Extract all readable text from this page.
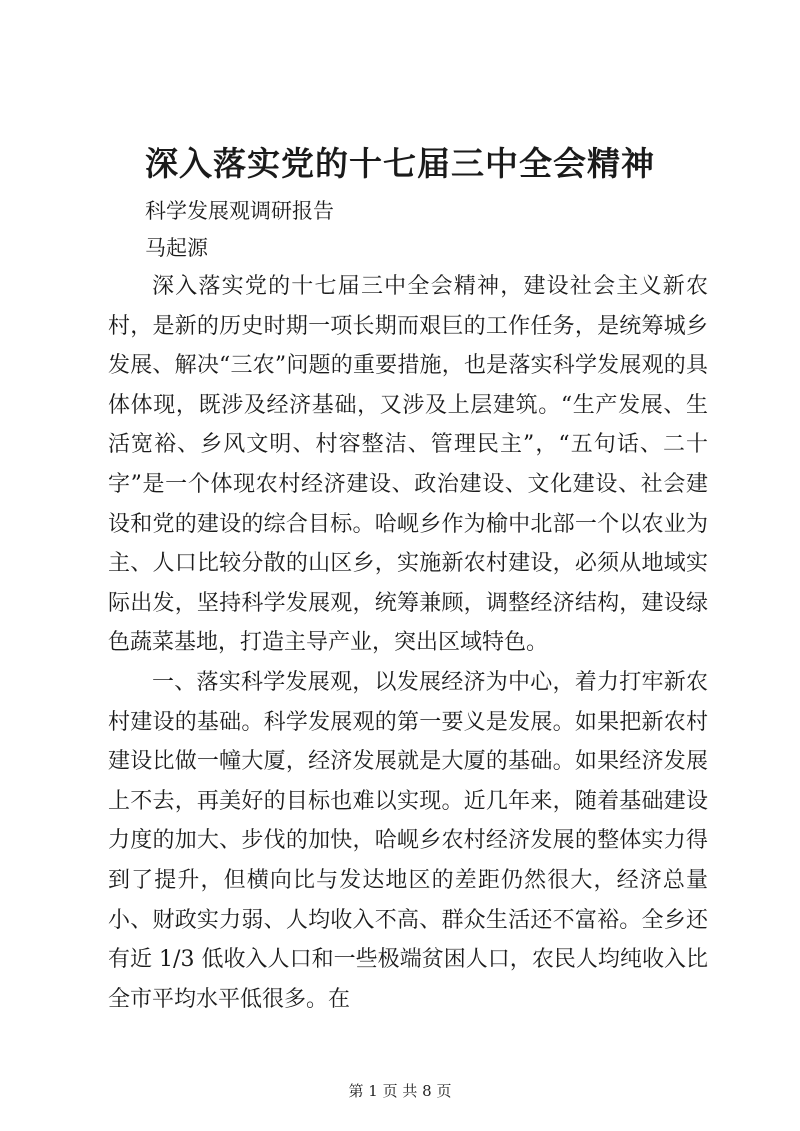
深入落实党的十七届三中全会精神
科学发展观调研报告
马起源

深入落实党的十七届三中全会精神，建设社会主义新农村，是新的历史时期一项长期而艰巨的工作任务，是统筹城乡发展、解决“三农”问题的重要措施，也是落实科学发展观的具体体现，既涉及经济基础，又涉及上层建筑。“生产发展、生活宽裕、乡风文明、村容整洁、管理民主”，“五句话、二十字”是一个体现农村经济建设、政治建设、文化建设、社会建设和党的建设的综合目标。哈岘乡作为榆中北部一个以农业为主、人口比较分散的山区乡，实施新农村建设，必须从地域实际出发，坚持科学发展观，统筹兼顾，调整经济结构，建设绿色蔬菜基地，打造主导产业，突出区域特色。

一、落实科学发展观，以发展经济为中心，着力打牢新农村建设的基础。科学发展观的第一要义是发展。如果把新农村建设比做一幢大厦，经济发展就是大厦的基础。如果经济发展上不去，再美好的目标也难以实现。近几年来，随着基础建设力度的加大、步伐的加快，哈岘乡农村经济发展的整体实力得到了提升，但横向比与发达地区的差距仍然很大，经济总量小、财政实力弱、人均收入不高、群众生活还不富裕。全乡还有近 1/3 低收入人口和一些极端贫困人口，农民人均纯收入比全市平均水平低很多。在

第 1 页 共 8 页
